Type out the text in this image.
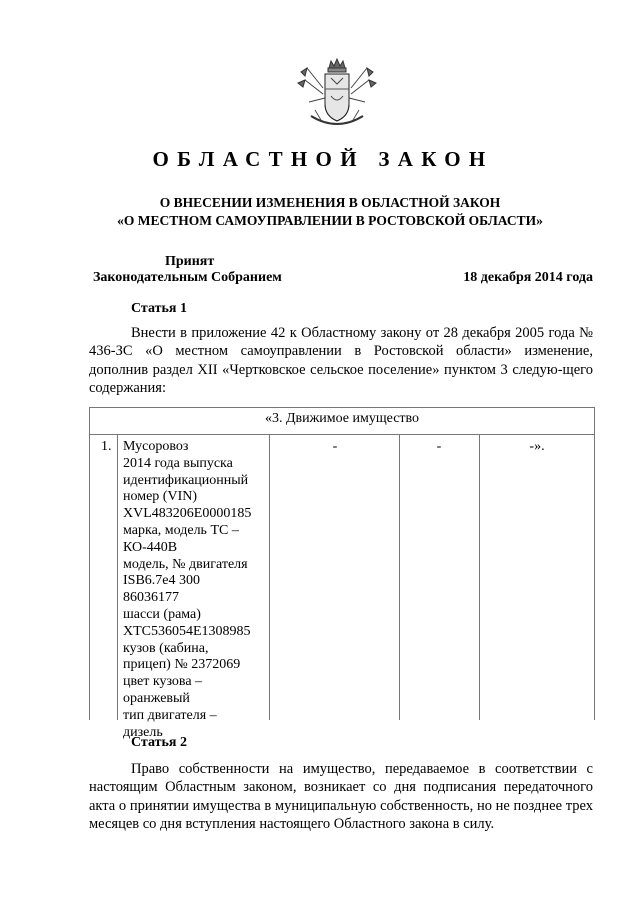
ОБЛАСТНОЙ ЗАКОН
О ВНЕСЕНИИ ИЗМЕНЕНИЯ В ОБЛАСТНОЙ ЗАКОН
«О МЕСТНОМ САМОУПРАВЛЕНИИ В РОСТОВСКОЙ ОБЛАСТИ»
Принят
Законодательным Собранием	18 декабря 2014 года
Статья 1

Внести в приложение 42 к Областному закону от 28 декабря 2005 года № 436-ЗС «О местном самоуправлении в Ростовской области» изменение, дополнив раздел XII «Чертковское сельское поселение» пунктом 3 следую-щего содержания:

«3. Движимое имущество
1. Мусоровоз
2014 года выпуска
идентификационный
номер (VIN)
XVL483206E0000185
марка, модель ТС –
КО-440В
модель, № двигателя
ISB6.7e4 300
86036177
шасси (рама)
XTC536054E1308985
кузов (кабина,
прицеп) № 2372069
цвет кузова –
оранжевый
тип двигателя –
дизель
-	-	-».
Статья 2

Право собственности на имущество, передаваемое в соответствии с настоящим Областным законом, возникает со дня подписания передаточного акта о принятии имущества в муниципальную собственность, но не позднее трех месяцев со дня вступления настоящего Областного закона в силу.
